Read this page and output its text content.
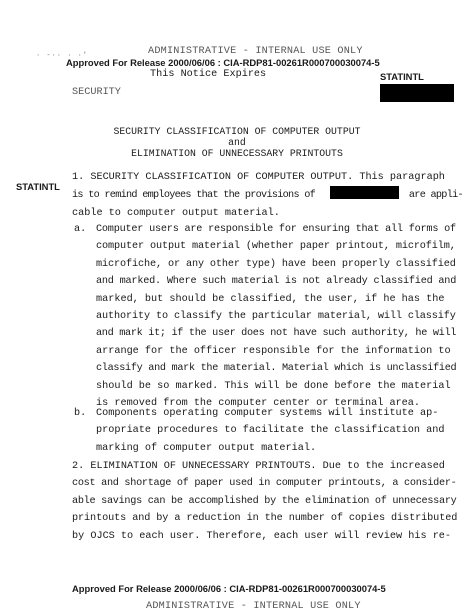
· -·· · ·'	ADMINISTRATIVE - INTERNAL USE ONLY
Approved For Release 2000/06/06 : CIA-RDP81-00261R000700030074-5
This Notice Expires	STATINTL
SECURITY
SECURITY CLASSIFICATION OF COMPUTER OUTPUT
and
ELIMINATION OF UNNECESSARY PRINTOUTS
STATINTL
1. SECURITY CLASSIFICATION OF COMPUTER OUTPUT. This paragraph
is to remind employees that the provisions of	are appli-
cable to computer output material.
a. Computer users are responsible for ensuring that all forms of
computer output material (whether paper printout, microfilm,
microfiche, or any other type) have been properly classified
and marked. Where such material is not already classified and
marked, but should be classified, the user, if he has the
authority to classify the particular material, will classify
and mark it; if the user does not have such authority, he will
arrange for the officer responsible for the information to
classify and mark the material. Material which is unclassified
should be so marked. This will be done before the material
is removed from the computer center or terminal area.
b. Components operating computer systems will institute ap-
propriate procedures to facilitate the classification and
marking of computer output material.
2. ELIMINATION OF UNNECESSARY PRINTOUTS. Due to the increased
cost and shortage of paper used in computer printouts, a consider-
able savings can be accomplished by the elimination of unnecessary
printouts and by a reduction in the number of copies distributed
by OJCS to each user. Therefore, each user will review his re-
Approved For Release 2000/06/06 : CIA-RDP81-00261R000700030074-5
ADMINISTRATIVE - INTERNAL USE ONLY
